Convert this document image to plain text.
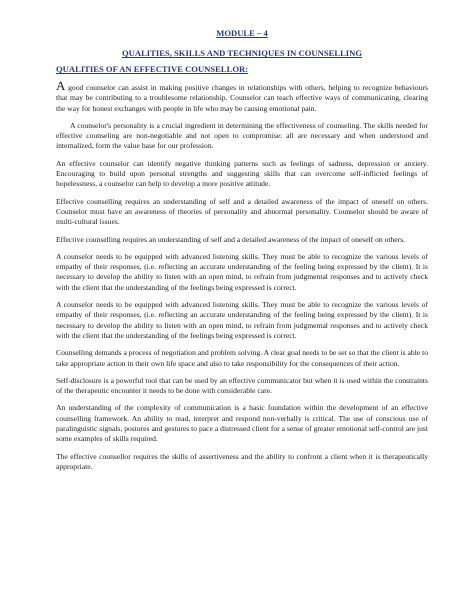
MODULE – 4
QUALITIES, SKILLS AND TECHNIQUES IN COUNSELLING
QUALITIES OF AN EFFECTIVE COUNSELLOR:

A good counselor can assist in making positive changes in relationships with others, helping to recognize behaviours that may be contributing to a troublesome relationship. Counselor can teach effective ways of communicating, clearing the way for honest exchanges with people in life who may be causing emotional pain.

A counselor's personality is a crucial ingredient in determining the effectiveness of counseling. The skills needed for effective counseling are non-negotiable and not open to compromise: all are necessary and when understood and internalized, form the value base for our profession.

An effective counselor can identify negative thinking patterns such as feelings of sadness, depression or anxiety. Encouraging to build upon personal strengths and suggesting skills that can overcome self-inflicted feelings of hopelessness, a counselor can help to develop a more positive attitude.

Effective counselling requires an understanding of self and a detailed awareness of the impact of oneself on others. Counselor must have an awareness of theories of personality and abnormal personality. Counselor should be aware of multi-cultural issues.

Effective counselling requires an understanding of self and a detailed awareness of the impact of oneself on others.

A counselor needs to be equipped with advanced listening skills. They must be able to recognize the various levels of empathy of their responses, (i.e. reflecting an accurate understanding of the feeling being expressed by the client). It is necessary to develop the ability to listen with an open mind, to refrain from judgmental responses and to actively check with the client that the understanding of the feelings being expressed is correct.

A counselor needs to be equipped with advanced listening skills. They must be able to recognize the various levels of empathy of their responses, (i.e. reflecting an accurate understanding of the feeling being expressed by the client). It is necessary to develop the ability to listen with an open mind, to refrain from judgmental responses and to actively check with the client that the understanding of the feelings being expressed is correct.

Counselling demands a process of negotiation and problem solving. A clear goal needs to be set so that the client is able to take appropriate action in their own life space and also to take responsibility for the consequences of their action.

Self-disclosure is a powerful tool that can be used by an effective communicator but when it is used within the constraints of the therapeutic encounter it needs to be done with considerable care.

An understanding of the complexity of communication is a basic foundation within the development of an effective counselling framework. An ability to read, interpret and respond non-verbally is critical. The use of conscious use of paralinguistic signals, postures and gestures to pace a distressed client for a sense of greater emotional self-control are just some examples of skills required.

The effective counsellor requires the skills of assertiveness and the ability to confront a client when it is therapeutically appropriate.
